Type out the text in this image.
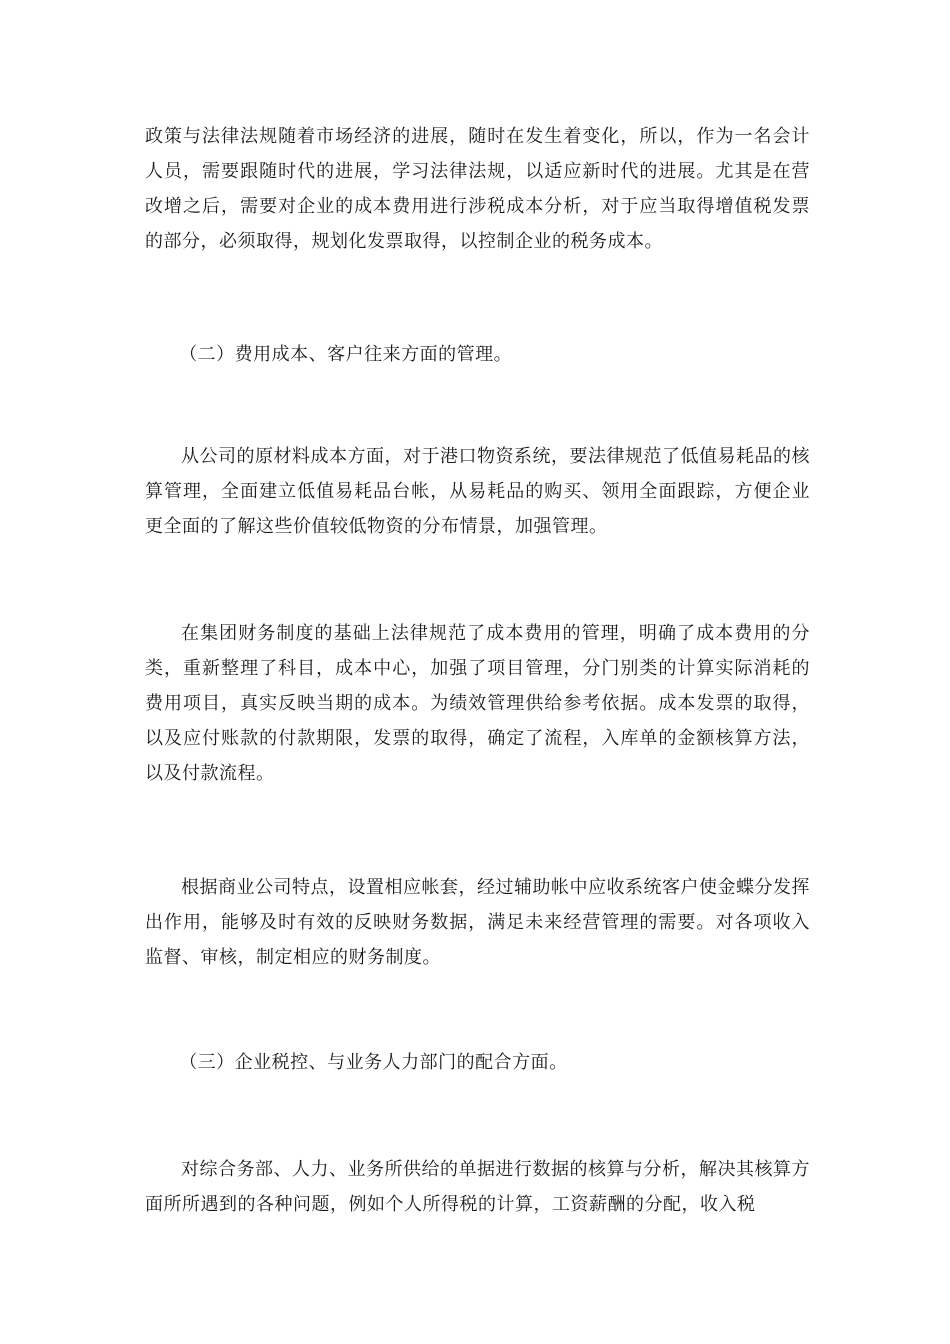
政策与法律法规随着市场经济的进展，随时在发生着变化，所以，作为一名会计人员，需要跟随时代的进展，学习法律法规，以适应新时代的进展。尤其是在营改增之后，需要对企业的成本费用进行涉税成本分析，对于应当取得增值税发票的部分，必须取得，规划化发票取得，以控制企业的税务成本。

（二）费用成本、客户往来方面的管理。

从公司的原材料成本方面，对于港口物资系统，要法律规范了低值易耗品的核算管理，全面建立低值易耗品台帐，从易耗品的购买、领用全面跟踪，方便企业更全面的了解这些价值较低物资的分布情景，加强管理。

在集团财务制度的基础上法律规范了成本费用的管理，明确了成本费用的分类，重新整理了科目，成本中心，加强了项目管理，分门别类的计算实际消耗的费用项目，真实反映当期的成本。为绩效管理供给参考依据。成本发票的取得，以及应付账款的付款期限，发票的取得，确定了流程，入库单的金额核算方法，以及付款流程。

根据商业公司特点，设置相应帐套，经过辅助帐中应收系统客户使金蝶分发挥出作用，能够及时有效的反映财务数据，满足未来经营管理的需要。对各项收入监督、审核，制定相应的财务制度。

（三）企业税控、与业务人力部门的配合方面。

对综合务部、人力、业务所供给的单据进行数据的核算与分析，解决其核算方面所所遇到的各种问题，例如个人所得税的计算，工资薪酬的分配，收入税
